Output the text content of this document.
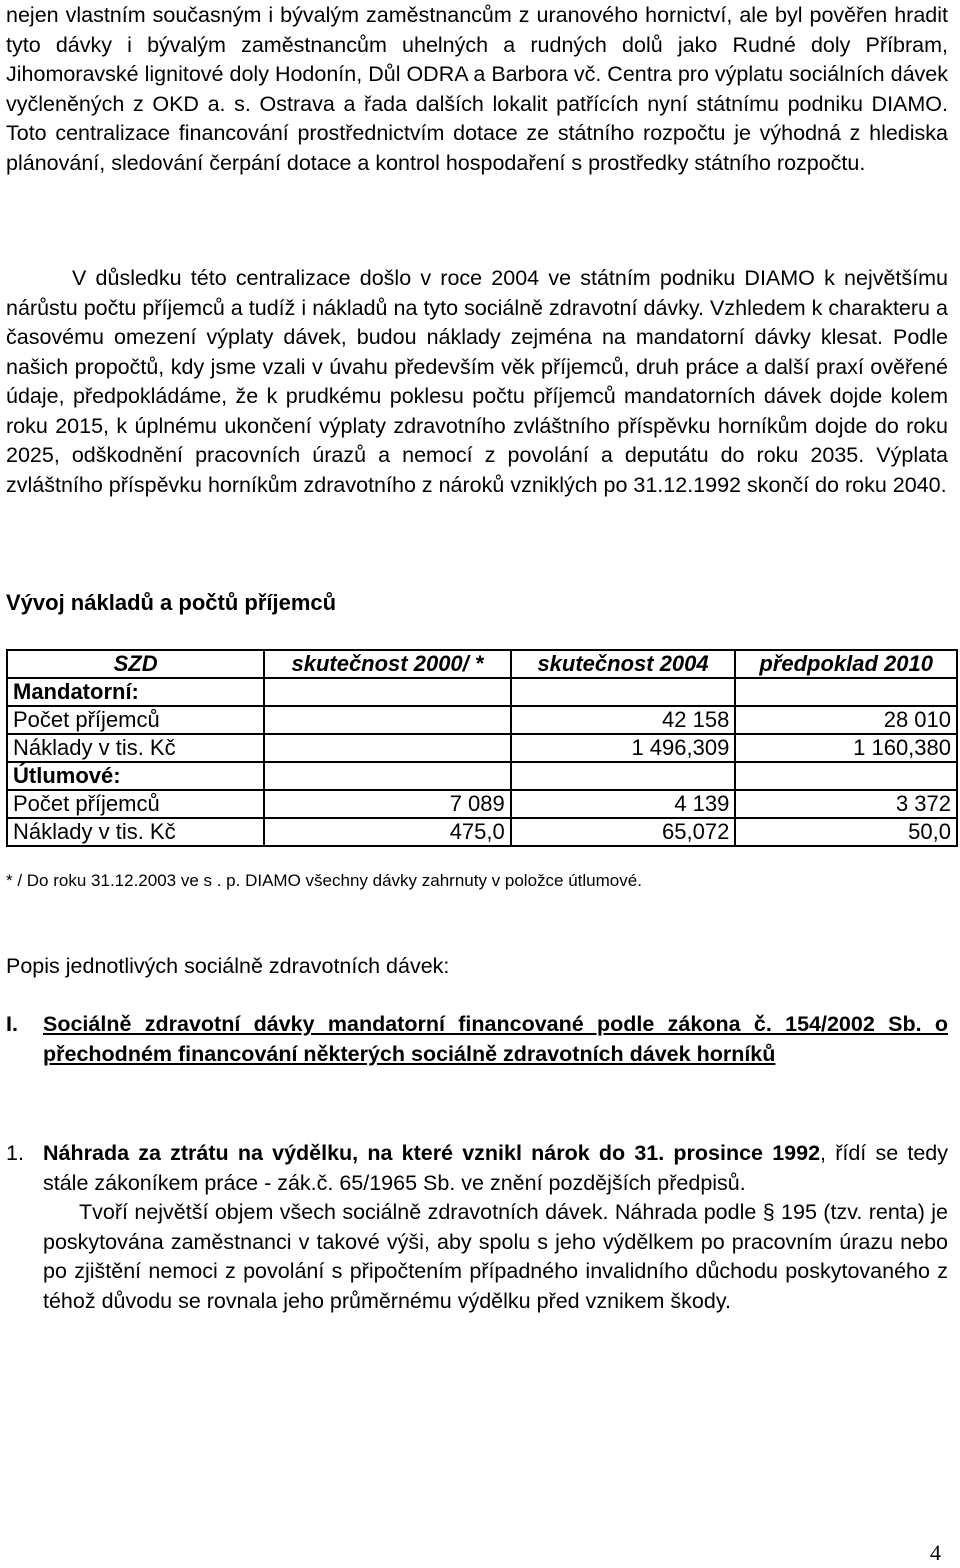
nejen vlastním současným i bývalým zaměstnancům z uranového hornictví, ale byl pověřen hradit tyto dávky i bývalým zaměstnancům uhelných a rudných dolů jako Rudné doly Příbram, Jihomoravské lignitové doly Hodonín, Důl ODRA a Barbora vč. Centra pro výplatu sociálních dávek vyčleněných z OKD a. s. Ostrava a řada dalších lokalit patřících nyní státnímu podniku DIAMO. Toto centralizace financování prostřednictvím dotace ze státního rozpočtu je výhodná z hlediska plánování, sledování čerpání dotace a kontrol hospodaření s prostředky státního rozpočtu.

V důsledku této centralizace došlo v roce 2004 ve státním podniku DIAMO k největšímu nárůstu počtu příjemců a tudíž i nákladů na tyto sociálně zdravotní dávky. Vzhledem k charakteru a časovému omezení výplaty dávek, budou náklady zejména na mandatorní dávky klesat. Podle našich propočtů, kdy jsme vzali v úvahu především věk příjemců, druh práce a další praxí ověřené údaje, předpokládáme, že k prudkému poklesu počtu příjemců mandatorních dávek dojde kolem roku 2015, k úplnému ukončení výplaty zdravotního zvláštního příspěvku horníkům dojde do roku 2025, odškodnění pracovních úrazů a nemocí z povolání a deputátu do roku 2035. Výplata zvláštního příspěvku horníkům zdravotního z nároků vzniklých po 31.12.1992 skončí do roku 2040.

Vývoj nákladů a počtů příjemců
SZD	skutečnost 2000/ *	skutečnost 2004	předpoklad 2010
Mandatorní:			
Počet příjemců		42 158	28 010
Náklady v tis. Kč		1 496,309	1 160,380
Útlumové:			
Počet příjemců	7 089	4 139	3 372
Náklady v tis. Kč	475,0	65,072	50,0
* / Do roku 31.12.2003 ve s . p. DIAMO všechny dávky zahrnuty v položce útlumové.
Popis jednotlivých sociálně zdravotních dávek:
I. Sociálně zdravotní dávky mandatorní financované podle zákona č. 154/2002 Sb. o přechodném financování některých sociálně zdravotních dávek horníků

1. Náhrada za ztrátu na výdělku, na které vznikl nárok do 31. prosince 1992, řídí se tedy stále zákoníkem práce - zák.č. 65/1965 Sb. ve znění pozdějších předpisů.

Tvoří největší objem všech sociálně zdravotních dávek. Náhrada podle § 195 (tzv. renta) je poskytována zaměstnanci v takové výši, aby spolu s jeho výdělkem po pracovním úrazu nebo po zjištění nemoci z povolání s připočtením případného invalidního důchodu poskytovaného z téhož důvodu se rovnala jeho průměrnému výdělku před vznikem škody.

4
